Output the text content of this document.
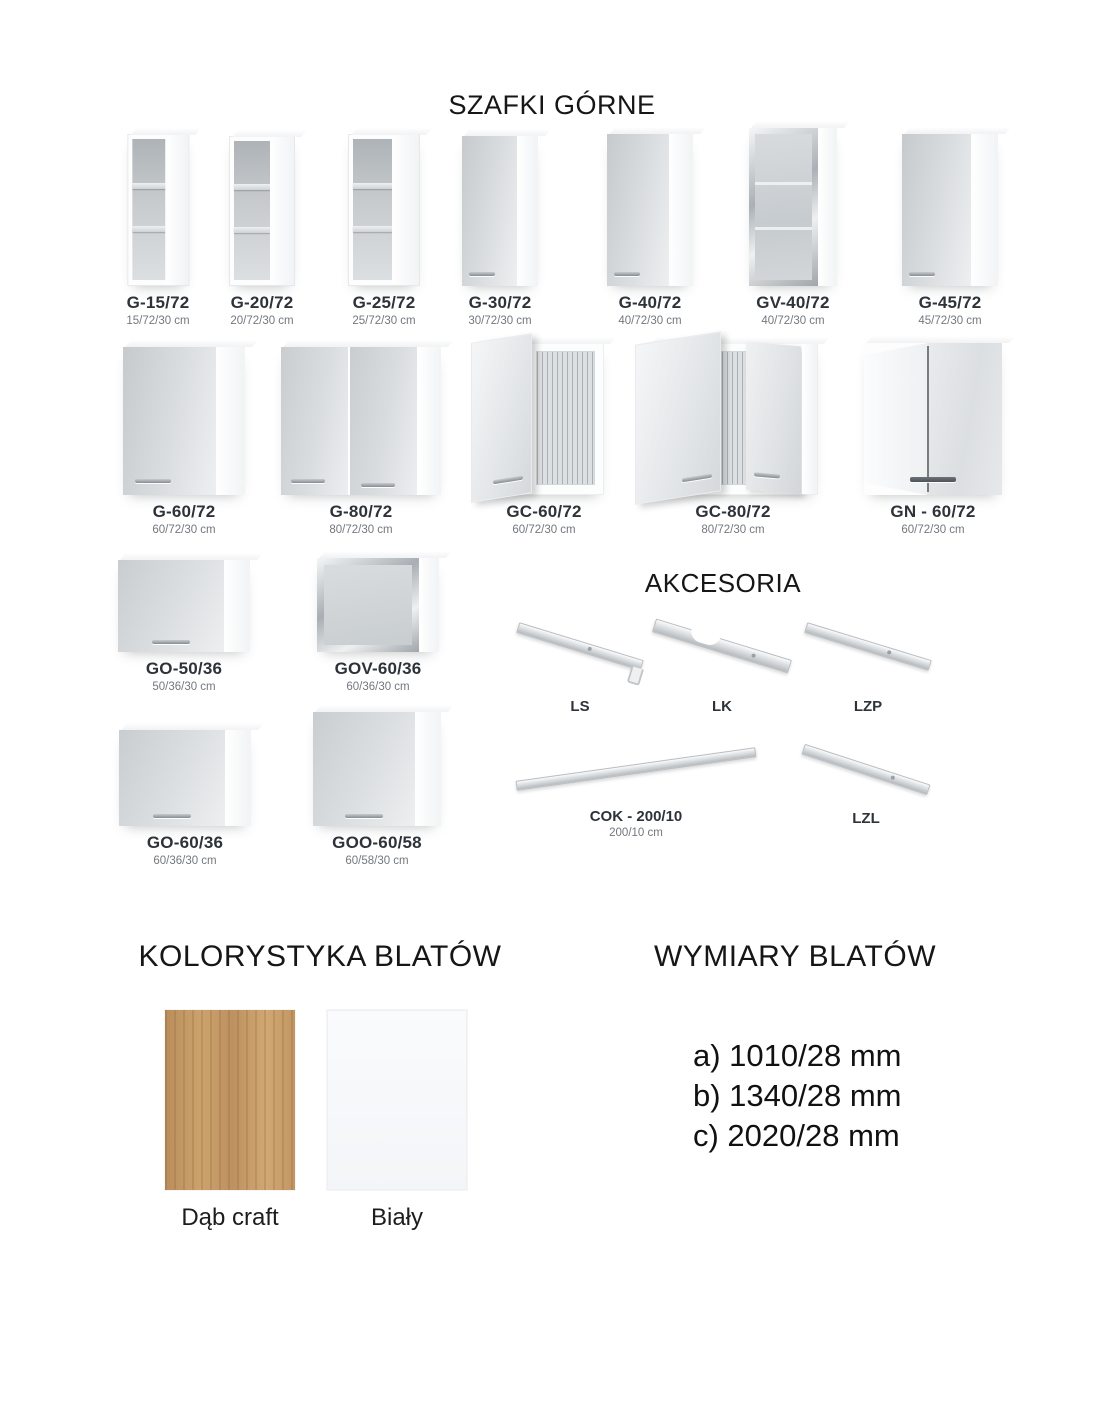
SZAFKI GÓRNE
AKCESORIA
KOLORYSTYKA BLATÓW	WYMIARY BLATÓW
G-15/72
15/72/30 cm
G-20/72
20/72/30 cm
G-25/72
25/72/30 cm
G-30/72
30/72/30 cm
G-40/72
40/72/30 cm
GV-40/72
40/72/30 cm
G-45/72
45/72/30 cm
G-60/72
60/72/30 cm
G-80/72
80/72/30 cm
GC-60/72
60/72/30 cm
GC-80/72
80/72/30 cm
GN - 60/72
60/72/30 cm
GO-50/36
50/36/30 cm
GOV-60/36
60/36/30 cm
GO-60/36
60/36/30 cm
GOO-60/58
60/58/30 cm
LS	LK	LZP
COK - 200/10
200/10 cm
LZL
Dąb craft	Biały
a) 1010/28 mm
b) 1340/28 mm
c) 2020/28 mm
